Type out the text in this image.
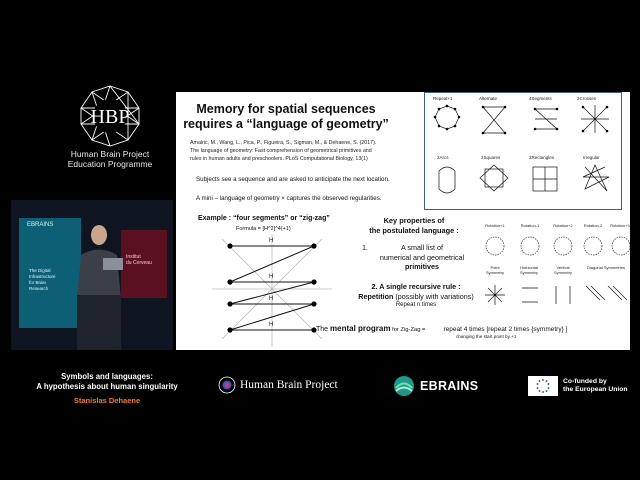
HBP
Human Brain Project
Education Programme
EBRAINS
The Digital
Infrastructure
for Brain
Research
Institut
du Cerveau
Memory for spatial sequences
requires a “language of geometry”
Amalric, M., Wang, L., Pica, P., Figueira, S., Sigman, M., & Dehaene, S. (2017).
The language of geometry: Fast comprehension of geometrical primitives and
rules in human adults and preschoolers. PLoS Computational Biology, 13(1)
Subjects see a sequence and are asked to anticipate the next location.
A mini – language of geometry × captures the observed regularities.
Example : “four segments” or “zig-zag”
Formula = [H^2]^4(+1)
H
H
H
H
Key properties of
the postulated language :
1.	A small list of
numerical and geometrical
primitives
2. A single recursive rule :
Repetition (possibly with variations)
Repeat n times
The mental program for Zig-Zag =	repeat 4 times [repeat 2 times {symmetry} ]
changing the start point by +1
Repeat+1	Alternate	4Segments	2Crosses
2Arcs	2Squares	2Rectangles	Irregular
Rotation+1	Rotation-1	Rotation+2	Rotation-2	Rotation+3
Point
Symmetry
Horizontal
Symmetry
Vertical
Symmetry
Diagonal Symmetries
Symbols and languages:
A hypothesis about human singularity
Stanislas Dehaene
Human Brain Project	EBRAINS	Co-funded by
the European Union
